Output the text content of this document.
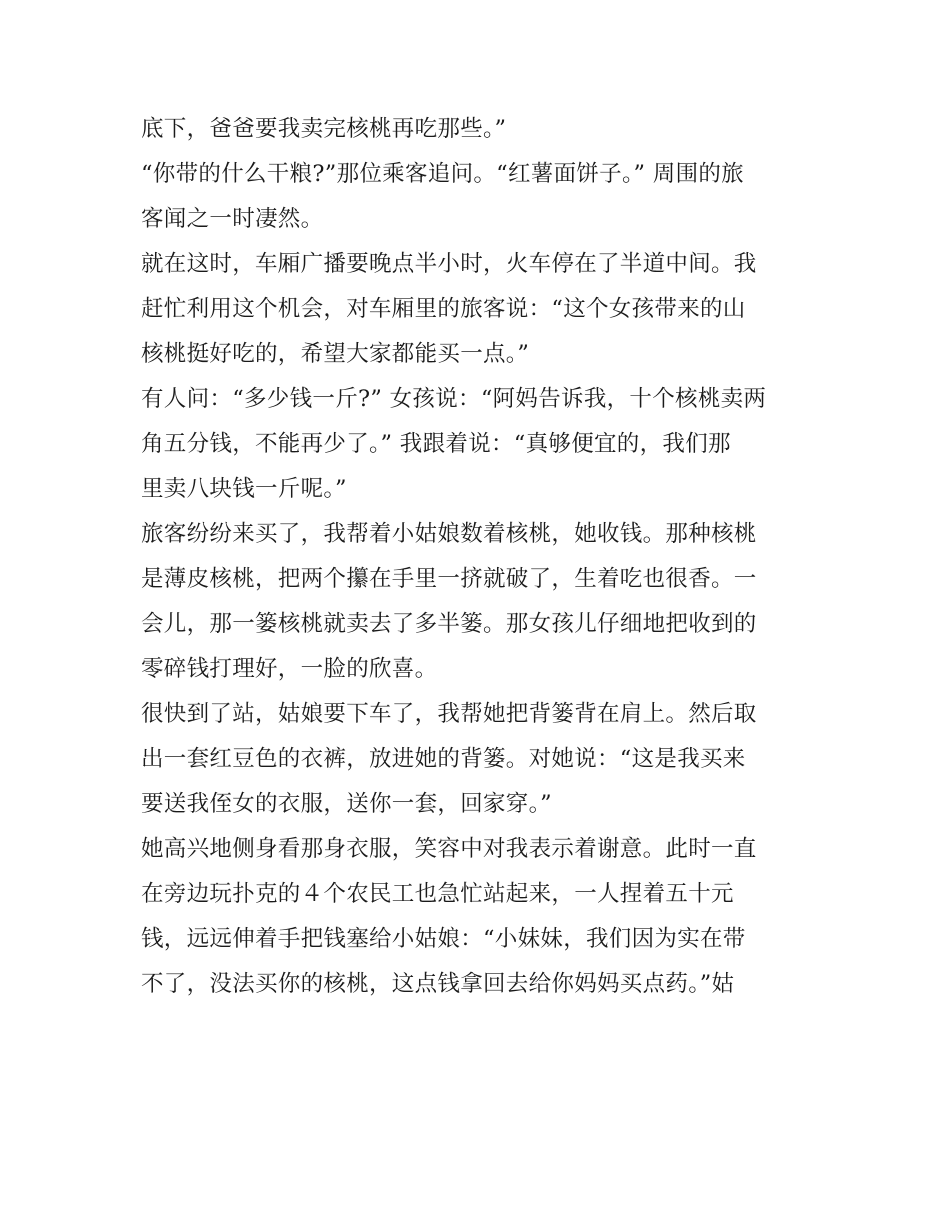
底下，爸爸要我卖完核桃再吃那些。”
“你带的什么干粮?”那位乘客追问。“红薯面饼子。” 周围的旅
客闻之一时凄然。
就在这时，车厢广播要晚点半小时，火车停在了半道中间。我
赶忙利用这个机会，对车厢里的旅客说：“这个女孩带来的山
核桃挺好吃的，希望大家都能买一点。”
有人问：“多少钱一斤?” 女孩说：“阿妈告诉我，十个核桃卖两
角五分钱，不能再少了。” 我跟着说：“真够便宜的，我们那
里卖八块钱一斤呢。”
旅客纷纷来买了，我帮着小姑娘数着核桃，她收钱。那种核桃
是薄皮核桃，把两个攥在手里一挤就破了，生着吃也很香。一
会儿，那一篓核桃就卖去了多半篓。那女孩儿仔细地把收到的
零碎钱打理好，一脸的欣喜。
很快到了站，姑娘要下车了，我帮她把背篓背在肩上。然后取
出一套红豆色的衣裤，放进她的背篓。对她说：“这是我买来
要送我侄女的衣服，送你一套，回家穿。”
她高兴地侧身看那身衣服，笑容中对我表示着谢意。此时一直
在旁边玩扑克的４个农民工也急忙站起来，一人捏着五十元
钱，远远伸着手把钱塞给小姑娘：“小妹妹，我们因为实在带
不了，没法买你的核桃，这点钱拿回去给你妈妈买点药。”姑
